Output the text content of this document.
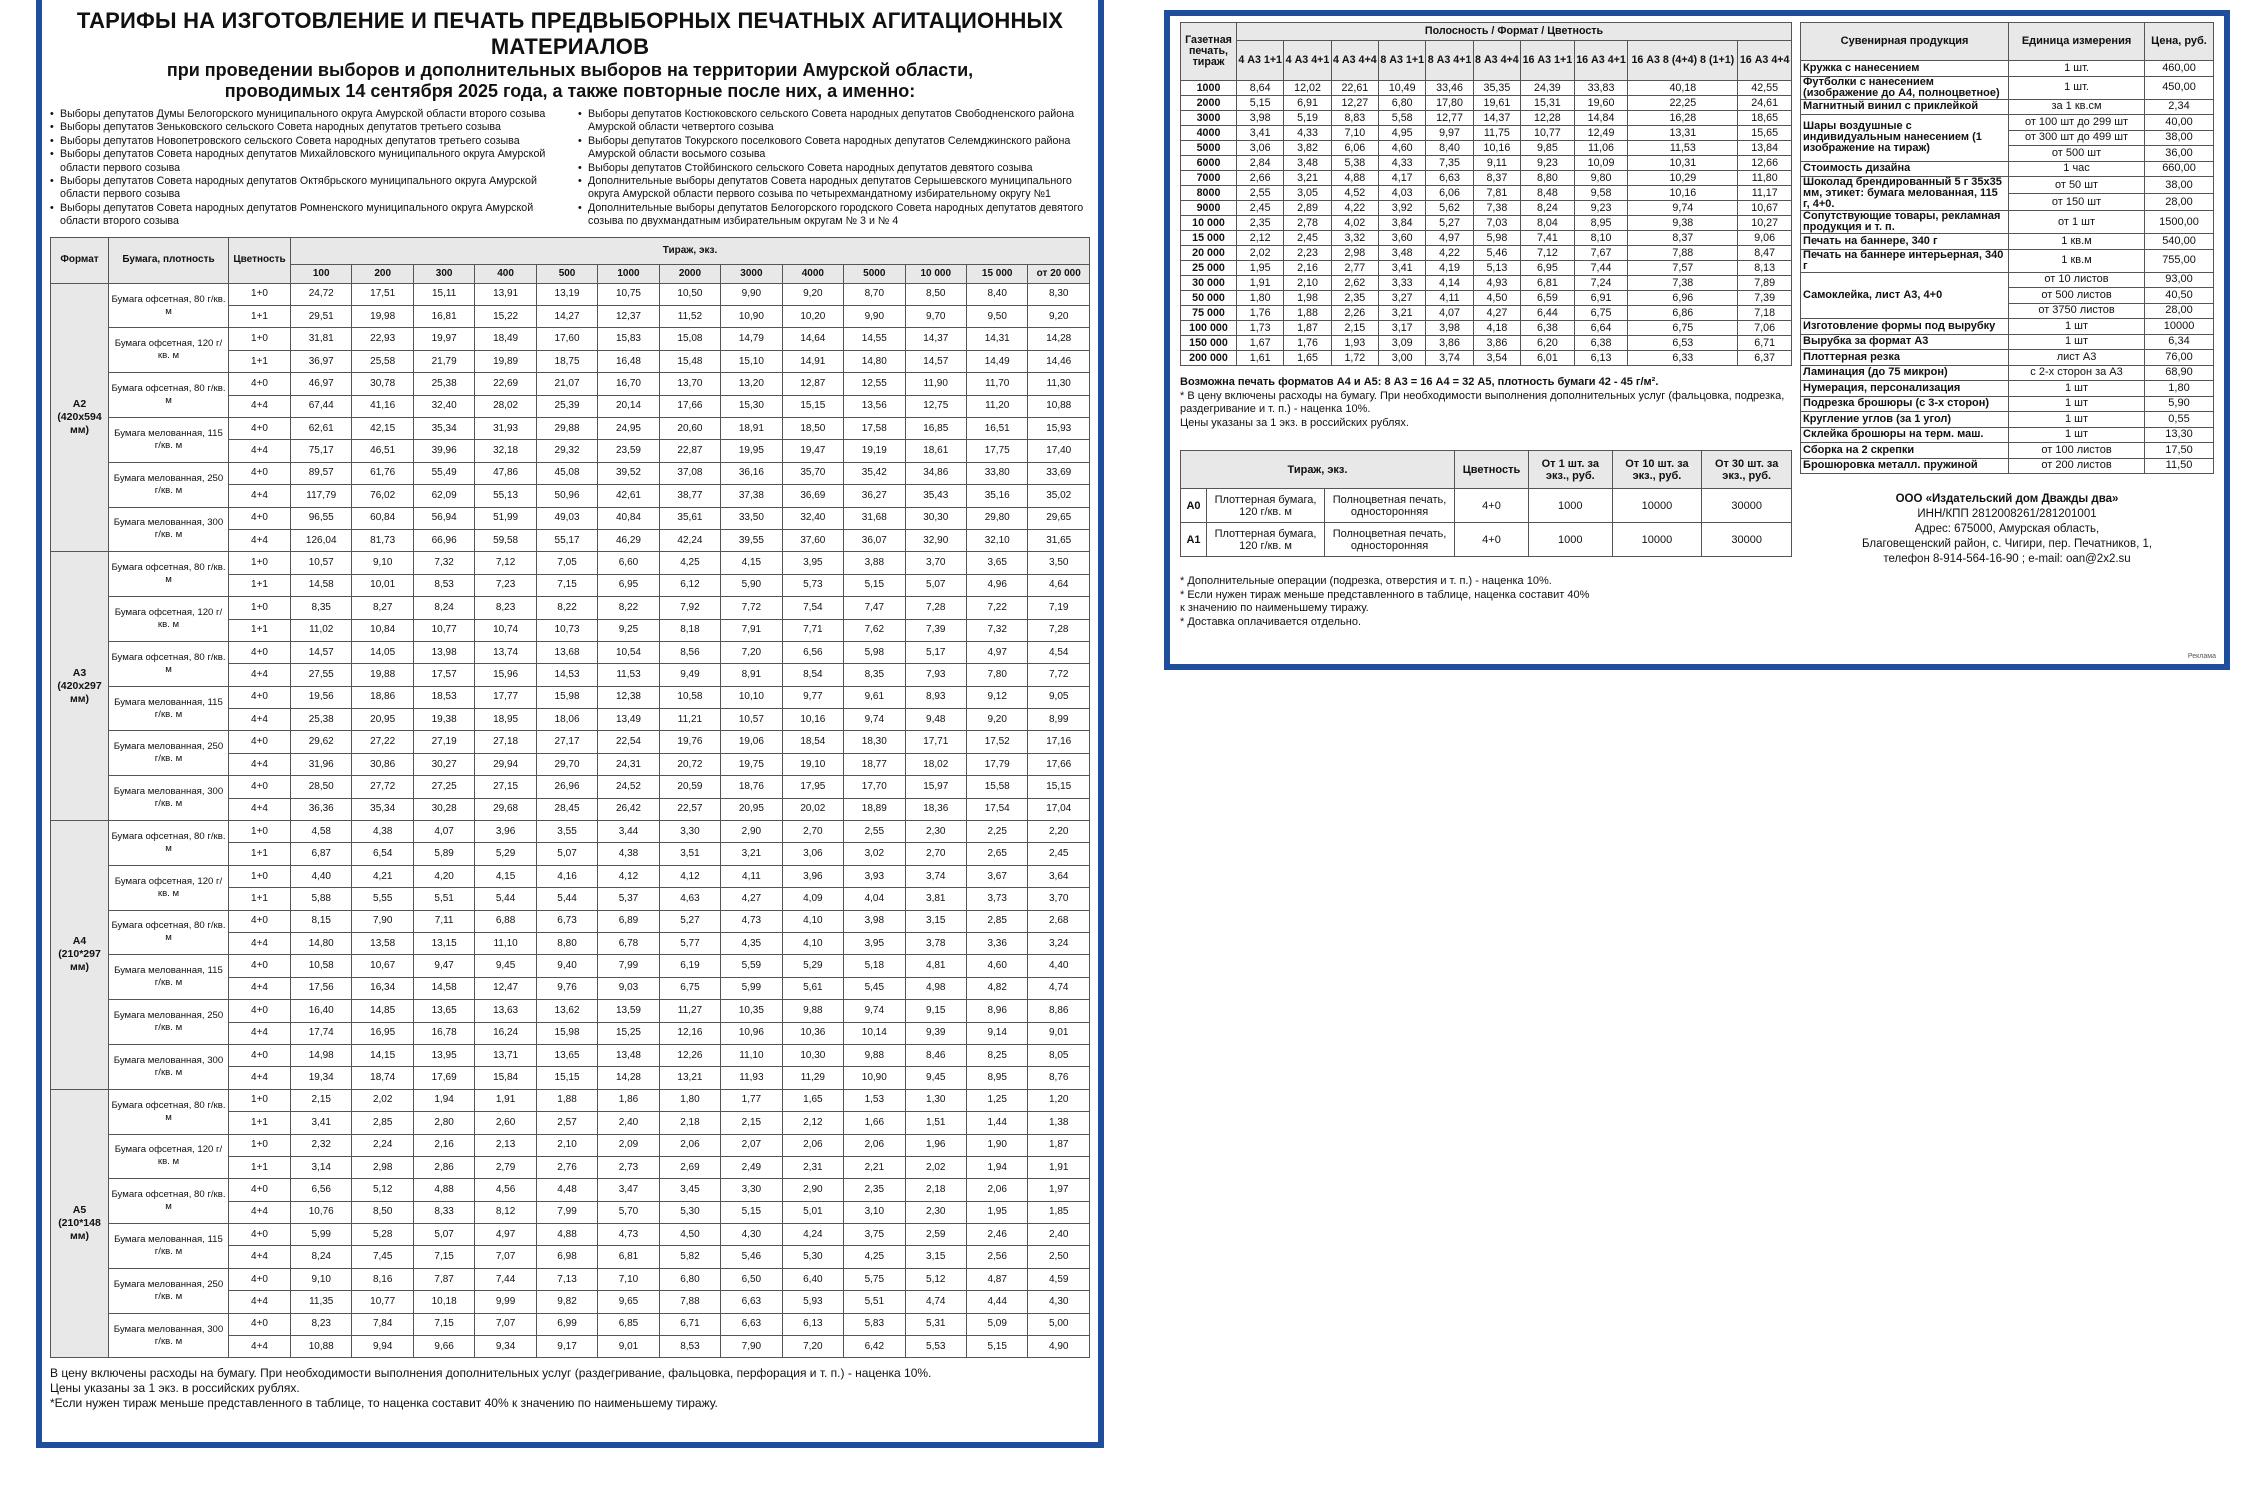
ТАРИФЫ НА ИЗГОТОВЛЕНИЕ И ПЕЧАТЬ ПРЕДВЫБОРНЫХ ПЕЧАТНЫХ АГИТАЦИОННЫХ МАТЕРИАЛОВ

при проведении выборов и дополнительных выборов на территории Амурской области,

проводимых 14 сентября 2025 года, а также повторные после них, а именно:

• Выборы депутатов Думы Белогорского муниципального округа Амурской области второго созыва
• Выборы депутатов Зеньковского сельского Совета народных депутатов третьего созыва
• Выборы депутатов Новопетровского сельского Совета народных депутатов третьего созыва
• Выборы депутатов Совета народных депутатов Михайловского муниципального округа Амурской области первого созыва
• Выборы депутатов Совета народных депутатов Октябрьского муниципального округа Амурской области первого созыва
• Выборы депутатов Совета народных депутатов Ромненского муниципального округа Амурской области второго созыва
• Выборы депутатов Костюковского сельского Совета народных депутатов Свободненского района Амурской области четвертого созыва
• Выборы депутатов Токурского поселкового Совета народных депутатов Селемджинского района Амурской области восьмого созыва
• Выборы депутатов Стойбинского сельского Совета народных депутатов девятого созыва
• Дополнительные выборы депутатов Совета народных депутатов Серышевского муниципального округа Амурской области первого созыва по четырехмандатному избирательному округу №1
• Дополнительные выборы депутатов Белогорского городского Совета народных депутатов девятого созыва по двухмандатным избирательным округам № 3 и № 4
Формат	Бумага, плотность	Цветность	Тираж, экз.												
			100	200	300	400	500	1000	2000	3000	4000	5000	10 000	15 000	от 20 000
А2 (420х594 мм)	Бумага офсетная, 80 г/кв. м	1+0	24,72	17,51	15,11	13,91	13,19	10,75	10,50	9,90	9,20	8,70	8,50	8,40	8,30
		1+1	29,51	19,98	16,81	15,22	14,27	12,37	11,52	10,90	10,20	9,90	9,70	9,50	9,20
	Бумага офсетная, 120 г/кв. м	1+0	31,81	22,93	19,97	18,49	17,60	15,83	15,08	14,79	14,64	14,55	14,37	14,31	14,28
		1+1	36,97	25,58	21,79	19,89	18,75	16,48	15,48	15,10	14,91	14,80	14,57	14,49	14,46
	Бумага офсетная, 80 г/кв. м	4+0	46,97	30,78	25,38	22,69	21,07	16,70	13,70	13,20	12,87	12,55	11,90	11,70	11,30
		4+4	67,44	41,16	32,40	28,02	25,39	20,14	17,66	15,30	15,15	13,56	12,75	11,20	10,88
	Бумага мелованная, 115 г/кв. м	4+0	62,61	42,15	35,34	31,93	29,88	24,95	20,60	18,91	18,50	17,58	16,85	16,51	15,93
		4+4	75,17	46,51	39,96	32,18	29,32	23,59	22,87	19,95	19,47	19,19	18,61	17,75	17,40
	Бумага мелованная, 250 г/кв. м	4+0	89,57	61,76	55,49	47,86	45,08	39,52	37,08	36,16	35,70	35,42	34,86	33,80	33,69
		4+4	117,79	76,02	62,09	55,13	50,96	42,61	38,77	37,38	36,69	36,27	35,43	35,16	35,02
	Бумага мелованная, 300 г/кв. м	4+0	96,55	60,84	56,94	51,99	49,03	40,84	35,61	33,50	32,40	31,68	30,30	29,80	29,65
		4+4	126,04	81,73	66,96	59,58	55,17	46,29	42,24	39,55	37,60	36,07	32,90	32,10	31,65
А3 (420х297 мм)	Бумага офсетная, 80 г/кв. м	1+0	10,57	9,10	7,32	7,12	7,05	6,60	4,25	4,15	3,95	3,88	3,70	3,65	3,50
		1+1	14,58	10,01	8,53	7,23	7,15	6,95	6,12	5,90	5,73	5,15	5,07	4,96	4,64
	Бумага офсетная, 120 г/кв. м	1+0	8,35	8,27	8,24	8,23	8,22	8,22	7,92	7,72	7,54	7,47	7,28	7,22	7,19
		1+1	11,02	10,84	10,77	10,74	10,73	9,25	8,18	7,91	7,71	7,62	7,39	7,32	7,28
	Бумага офсетная, 80 г/кв. м	4+0	14,57	14,05	13,98	13,74	13,68	10,54	8,56	7,20	6,56	5,98	5,17	4,97	4,54
		4+4	27,55	19,88	17,57	15,96	14,53	11,53	9,49	8,91	8,54	8,35	7,93	7,80	7,72
	Бумага мелованная, 115 г/кв. м	4+0	19,56	18,86	18,53	17,77	15,98	12,38	10,58	10,10	9,77	9,61	8,93	9,12	9,05
		4+4	25,38	20,95	19,38	18,95	18,06	13,49	11,21	10,57	10,16	9,74	9,48	9,20	8,99
	Бумага мелованная, 250 г/кв. м	4+0	29,62	27,22	27,19	27,18	27,17	22,54	19,76	19,06	18,54	18,30	17,71	17,52	17,16
		4+4	31,96	30,86	30,27	29,94	29,70	24,31	20,72	19,75	19,10	18,77	18,02	17,79	17,66
	Бумага мелованная, 300 г/кв. м	4+0	28,50	27,72	27,25	27,15	26,96	24,52	20,59	18,76	17,95	17,70	15,97	15,58	15,15
		4+4	36,36	35,34	30,28	29,68	28,45	26,42	22,57	20,95	20,02	18,89	18,36	17,54	17,04
А4 (210*297 мм)	Бумага офсетная, 80 г/кв. м	1+0	4,58	4,38	4,07	3,96	3,55	3,44	3,30	2,90	2,70	2,55	2,30	2,25	2,20
		1+1	6,87	6,54	5,89	5,29	5,07	4,38	3,51	3,21	3,06	3,02	2,70	2,65	2,45
	Бумага офсетная, 120 г/кв. м	1+0	4,40	4,21	4,20	4,15	4,16	4,12	4,12	4,11	3,96	3,93	3,74	3,67	3,64
		1+1	5,88	5,55	5,51	5,44	5,44	5,37	4,63	4,27	4,09	4,04	3,81	3,73	3,70
	Бумага офсетная, 80 г/кв. м	4+0	8,15	7,90	7,11	6,88	6,73	6,89	5,27	4,73	4,10	3,98	3,15	2,85	2,68
		4+4	14,80	13,58	13,15	11,10	8,80	6,78	5,77	4,35	4,10	3,95	3,78	3,36	3,24
	Бумага мелованная, 115 г/кв. м	4+0	10,58	10,67	9,47	9,45	9,40	7,99	6,19	5,59	5,29	5,18	4,81	4,60	4,40
		4+4	17,56	16,34	14,58	12,47	9,76	9,03	6,75	5,99	5,61	5,45	4,98	4,82	4,74
	Бумага мелованная, 250 г/кв. м	4+0	16,40	14,85	13,65	13,63	13,62	13,59	11,27	10,35	9,88	9,74	9,15	8,96	8,86
		4+4	17,74	16,95	16,78	16,24	15,98	15,25	12,16	10,96	10,36	10,14	9,39	9,14	9,01
	Бумага мелованная, 300 г/кв. м	4+0	14,98	14,15	13,95	13,71	13,65	13,48	12,26	11,10	10,30	9,88	8,46	8,25	8,05
		4+4	19,34	18,74	17,69	15,84	15,15	14,28	13,21	11,93	11,29	10,90	9,45	8,95	8,76
А5 (210*148 мм)	Бумага офсетная, 80 г/кв. м	1+0	2,15	2,02	1,94	1,91	1,88	1,86	1,80	1,77	1,65	1,53	1,30	1,25	1,20
		1+1	3,41	2,85	2,80	2,60	2,57	2,40	2,18	2,15	2,12	1,66	1,51	1,44	1,38
	Бумага офсетная, 120 г/кв. м	1+0	2,32	2,24	2,16	2,13	2,10	2,09	2,06	2,07	2,06	2,06	1,96	1,90	1,87
		1+1	3,14	2,98	2,86	2,79	2,76	2,73	2,69	2,49	2,31	2,21	2,02	1,94	1,91
	Бумага офсетная, 80 г/кв. м	4+0	6,56	5,12	4,88	4,56	4,48	3,47	3,45	3,30	2,90	2,35	2,18	2,06	1,97
		4+4	10,76	8,50	8,33	8,12	7,99	5,70	5,30	5,15	5,01	3,10	2,30	1,95	1,85
	Бумага мелованная, 115 г/кв. м	4+0	5,99	5,28	5,07	4,97	4,88	4,73	4,50	4,30	4,24	3,75	2,59	2,46	2,40
		4+4	8,24	7,45	7,15	7,07	6,98	6,81	5,82	5,46	5,30	4,25	3,15	2,56	2,50
	Бумага мелованная, 250 г/кв. м	4+0	9,10	8,16	7,87	7,44	7,13	7,10	6,80	6,50	6,40	5,75	5,12	4,87	4,59
		4+4	11,35	10,77	10,18	9,99	9,82	9,65	7,88	6,63	5,93	5,51	4,74	4,44	4,30
	Бумага мелованная, 300 г/кв. м	4+0	8,23	7,84	7,15	7,07	6,99	6,85	6,71	6,63	6,13	5,83	5,31	5,09	5,00
		4+4	10,88	9,94	9,66	9,34	9,17	9,01	8,53	7,90	7,20	6,42	5,53	5,15	4,90
В цену включены расходы на бумагу. При необходимости выполнения дополнительных услуг (раздегривание, фальцовка, перфорация и т. п.) - наценка 10%.
Цены указаны за 1 экз. в российских рублях.
*Если нужен тираж меньше представленного в таблице, то наценка составит 40% к значению по наименьшему тиражу.
Газетная печать, тираж	Полосность / Формат / Цветность									
	4 А3 1+1	4 А3 4+1	4 А3 4+4	8 А3 1+1	8 А3 4+1	8 А3 4+4	16 А3 1+1	16 А3 4+1	16 А3 8 (4+4) 8 (1+1)	16 А3 4+4
1000	8,64	12,02	22,61	10,49	33,46	35,35	24,39	33,83	40,18	42,55
2000	5,15	6,91	12,27	6,80	17,80	19,61	15,31	19,60	22,25	24,61
3000	3,98	5,19	8,83	5,58	12,77	14,37	12,28	14,84	16,28	18,65
4000	3,41	4,33	7,10	4,95	9,97	11,75	10,77	12,49	13,31	15,65
5000	3,06	3,82	6,06	4,60	8,40	10,16	9,85	11,06	11,53	13,84
6000	2,84	3,48	5,38	4,33	7,35	9,11	9,23	10,09	10,31	12,66
7000	2,66	3,21	4,88	4,17	6,63	8,37	8,80	9,80	10,29	11,80
8000	2,55	3,05	4,52	4,03	6,06	7,81	8,48	9,58	10,16	11,17
9000	2,45	2,89	4,22	3,92	5,62	7,38	8,24	9,23	9,74	10,67
10 000	2,35	2,78	4,02	3,84	5,27	7,03	8,04	8,95	9,38	10,27
15 000	2,12	2,45	3,32	3,60	4,97	5,98	7,41	8,10	8,37	9,06
20 000	2,02	2,23	2,98	3,48	4,22	5,46	7,12	7,67	7,88	8,47
25 000	1,95	2,16	2,77	3,41	4,19	5,13	6,95	7,44	7,57	8,13
30 000	1,91	2,10	2,62	3,33	4,14	4,93	6,81	7,24	7,38	7,89
50 000	1,80	1,98	2,35	3,27	4,11	4,50	6,59	6,91	6,96	7,39
75 000	1,76	1,88	2,26	3,21	4,07	4,27	6,44	6,75	6,86	7,18
100 000	1,73	1,87	2,15	3,17	3,98	4,18	6,38	6,64	6,75	7,06
150 000	1,67	1,76	1,93	3,09	3,86	3,86	6,20	6,38	6,53	6,71
200 000	1,61	1,65	1,72	3,00	3,74	3,54	6,01	6,13	6,33	6,37
Возможна печать форматов А4 и А5: 8 А3 = 16 А4 = 32 А5, плотность бумаги 42 - 45 г/м².
* В цену включены расходы на бумагу. При необходимости выполнения дополнительных услуг (фальцовка, подрезка, раздегривание и т. п.) - наценка 10%.
Цены указаны за 1 экз. в российских рублях.
Тираж, экз.			Цветность	От 1 шт. за экз., руб.	От 10 шт. за экз., руб.	От 30 шт. за экз., руб.
А0	Плоттерная бумага, 120 г/кв. м	Полноцветная печать, односторонняя	4+0	1000	10000	30000
А1	Плоттерная бумага, 120 г/кв. м	Полноцветная печать, односторонняя	4+0	1000	10000	30000
* Дополнительные операции (подрезка, отверстия и т. п.) - наценка 10%.
* Если нужен тираж меньше представленного в таблице, наценка составит 40%
к значению по наименьшему тиражу.
* Доставка оплачивается отдельно.
Сувенирная продукция	Единица измерения	Цена, руб.
Кружка с нанесением	1 шт.	460,00
Футболки с нанесением (изображение до А4, полноцветное)	1 шт.	450,00
Магнитный винил с приклейкой	за 1 кв.см	2,34
Шары воздушные с индивидуальным нанесением (1 изображение на тираж)	от 100 шт до 299 шт	40,00
	от 300 шт до 499 шт	38,00
	от 500 шт	36,00
Стоимость дизайна	1 час	660,00
Шоколад брендированный 5 г 35х35 мм, этикет: бумага мелованная, 115 г, 4+0.	от 50 шт	38,00
	от 150 шт	28,00
Сопутствующие товары, рекламная продукция и т. п.	от 1 шт	1500,00
Печать на баннере, 340 г	1 кв.м	540,00
Печать на баннере интерьерная, 340 г	1 кв.м	755,00
Самоклейка, лист А3, 4+0	от 10 листов	93,00
	от 500 листов	40,50
	от 3750 листов	28,00
Изготовление формы под вырубку	1 шт	10000
Вырубка за формат А3	1 шт	6,34
Плоттерная резка	лист А3	76,00
Ламинация (до 75 микрон)	с 2-х сторон за А3	68,90
Нумерация, персонализация	1 шт	1,80
Подрезка брошюры (с 3-х сторон)	1 шт	5,90
Кругление углов (за 1 угол)	1 шт	0,55
Склейка брошюры на терм. маш.	1 шт	13,30
Сборка на 2 скрепки	от 100 листов	17,50
Брошюровка металл. пружиной	от 200 листов	11,50
ООО «Издательский дом Дважды два»
ИНН/КПП 2812008261/281201001
Адрес: 675000, Амурская область,
Благовещенский район, с. Чигири, пер. Печатников, 1,
телефон 8-914-564-16-90 ; e-mail: oan@2x2.su
Реклама
